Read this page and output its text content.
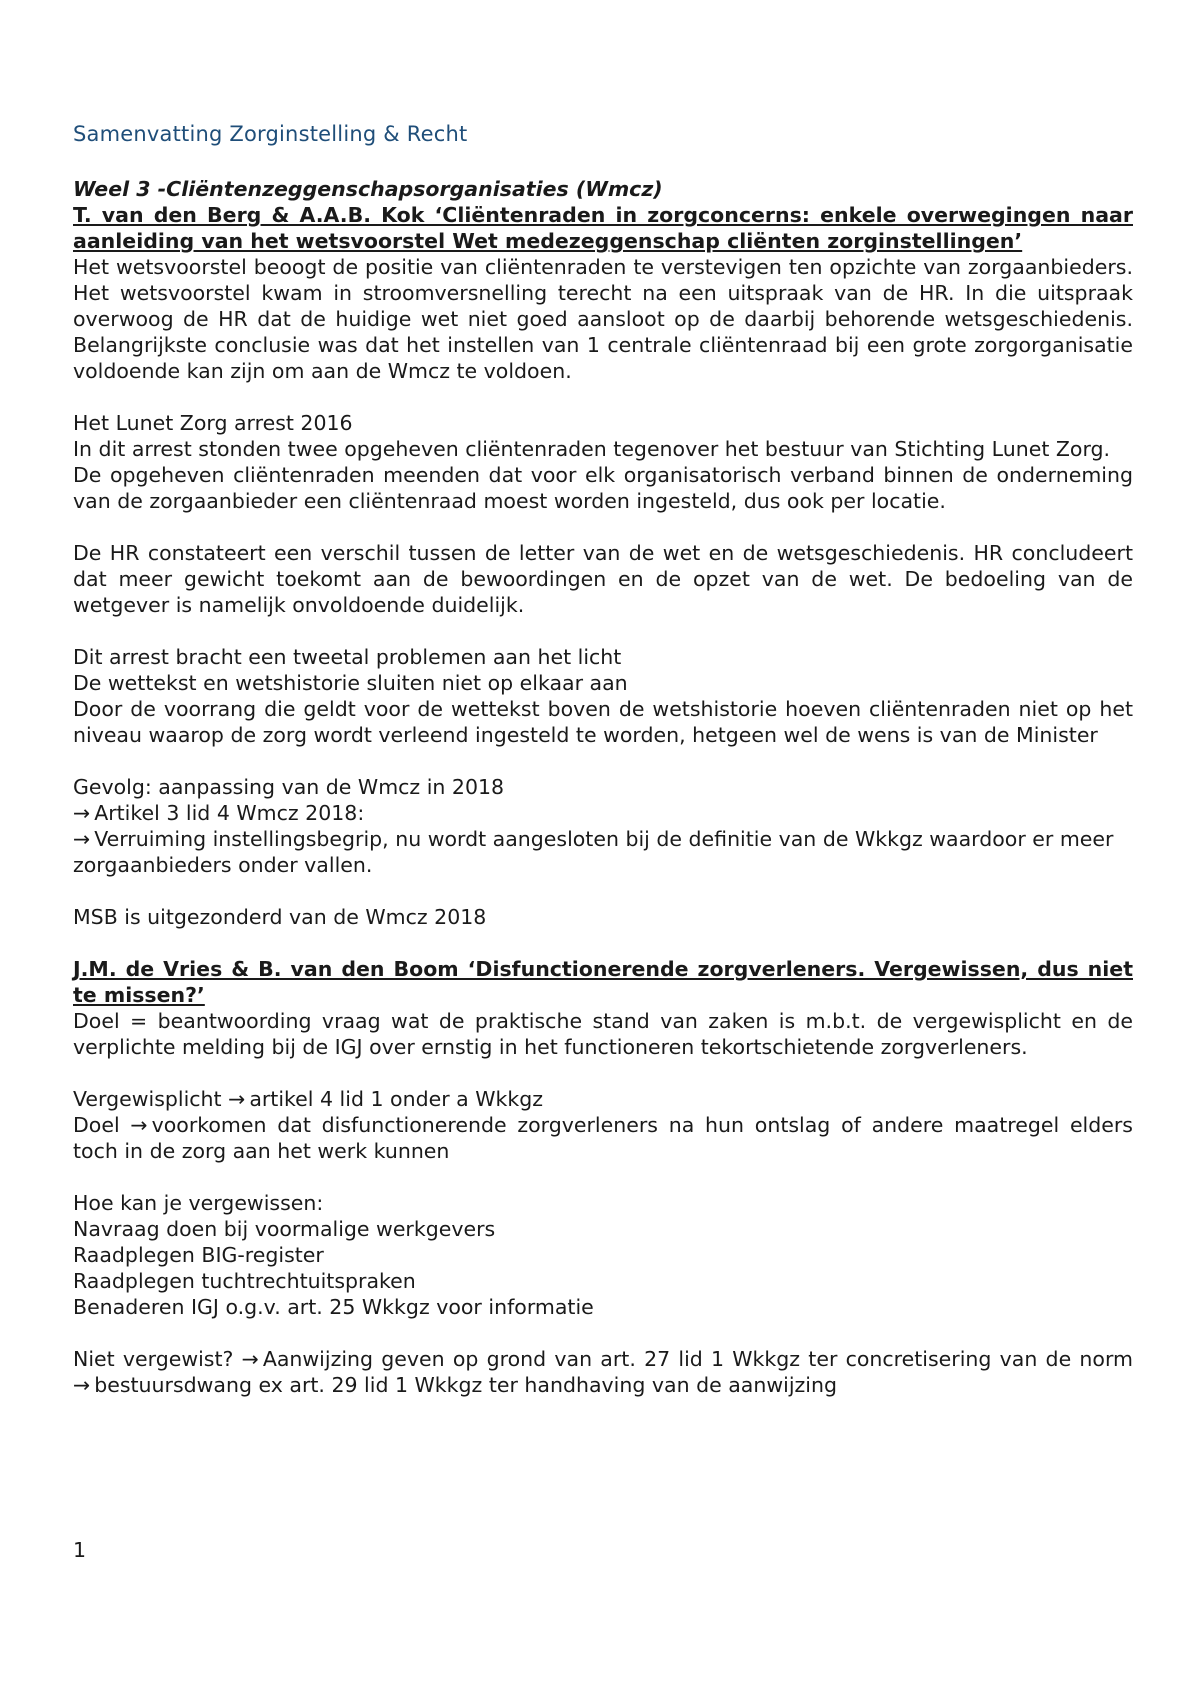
Samenvatting Zorginstelling & Recht
Weel 3 -Cliëntenzeggenschapsorganisaties (Wmcz)
T. van den Berg & A.A.B. Kok ‘Cliëntenraden in zorgconcerns: enkele overwegingen naar aanleiding van het wetsvoorstel Wet medezeggenschap cliënten zorginstellingen’

Het wetsvoorstel beoogt de positie van cliëntenraden te verstevigen ten opzichte van zorgaanbieders. Het wetsvoorstel kwam in stroomversnelling terecht na een uitspraak van de HR. In die uitspraak overwoog de HR dat de huidige wet niet goed aansloot op de daarbij behorende wetsgeschiedenis. Belangrijkste conclusie was dat het instellen van 1 centrale cliëntenraad bij een grote zorgorganisatie voldoende kan zijn om aan de Wmcz te voldoen.

Het Lunet Zorg arrest 2016

In dit arrest stonden twee opgeheven cliëntenraden tegenover het bestuur van Stichting Lunet Zorg.

De opgeheven cliëntenraden meenden dat voor elk organisatorisch verband binnen de onderneming van de zorgaanbieder een cliëntenraad moest worden ingesteld, dus ook per locatie.

De HR constateert een verschil tussen de letter van de wet en de wetsgeschiedenis. HR concludeert dat meer gewicht toekomt aan de bewoordingen en de opzet van de wet. De bedoeling van de wetgever is namelijk onvoldoende duidelijk.

Dit arrest bracht een tweetal problemen aan het licht

De wettekst en wetshistorie sluiten niet op elkaar aan

Door de voorrang die geldt voor de wettekst boven de wetshistorie hoeven cliëntenraden niet op het niveau waarop de zorg wordt verleend ingesteld te worden, hetgeen wel de wens is van de Minister

Gevolg: aanpassing van de Wmcz in 2018

→ Artikel 3 lid 4 Wmcz 2018:

→ Verruiming instellingsbegrip, nu wordt aangesloten bij de definitie van de Wkkgz waardoor er meer zorgaanbieders onder vallen.

MSB is uitgezonderd van de Wmcz 2018

J.M. de Vries & B. van den Boom ‘Disfunctionerende zorgverleners. Vergewissen, dus niet te missen?’

Doel = beantwoording vraag wat de praktische stand van zaken is m.b.t. de vergewisplicht en de verplichte melding bij de IGJ over ernstig in het functioneren tekortschietende zorgverleners.

Vergewisplicht → artikel 4 lid 1 onder a Wkkgz

Doel → voorkomen dat disfunctionerende zorgverleners na hun ontslag of andere maatregel elders toch in de zorg aan het werk kunnen

Hoe kan je vergewissen:

Navraag doen bij voormalige werkgevers

Raadplegen BIG-register

Raadplegen tuchtrechtuitspraken

Benaderen IGJ o.g.v. art. 25 Wkkgz voor informatie

Niet vergewist? → Aanwijzing geven op grond van art. 27 lid 1 Wkkgz ter concretisering van de norm → bestuursdwang ex art. 29 lid 1 Wkkgz ter handhaving van de aanwijzing

1
